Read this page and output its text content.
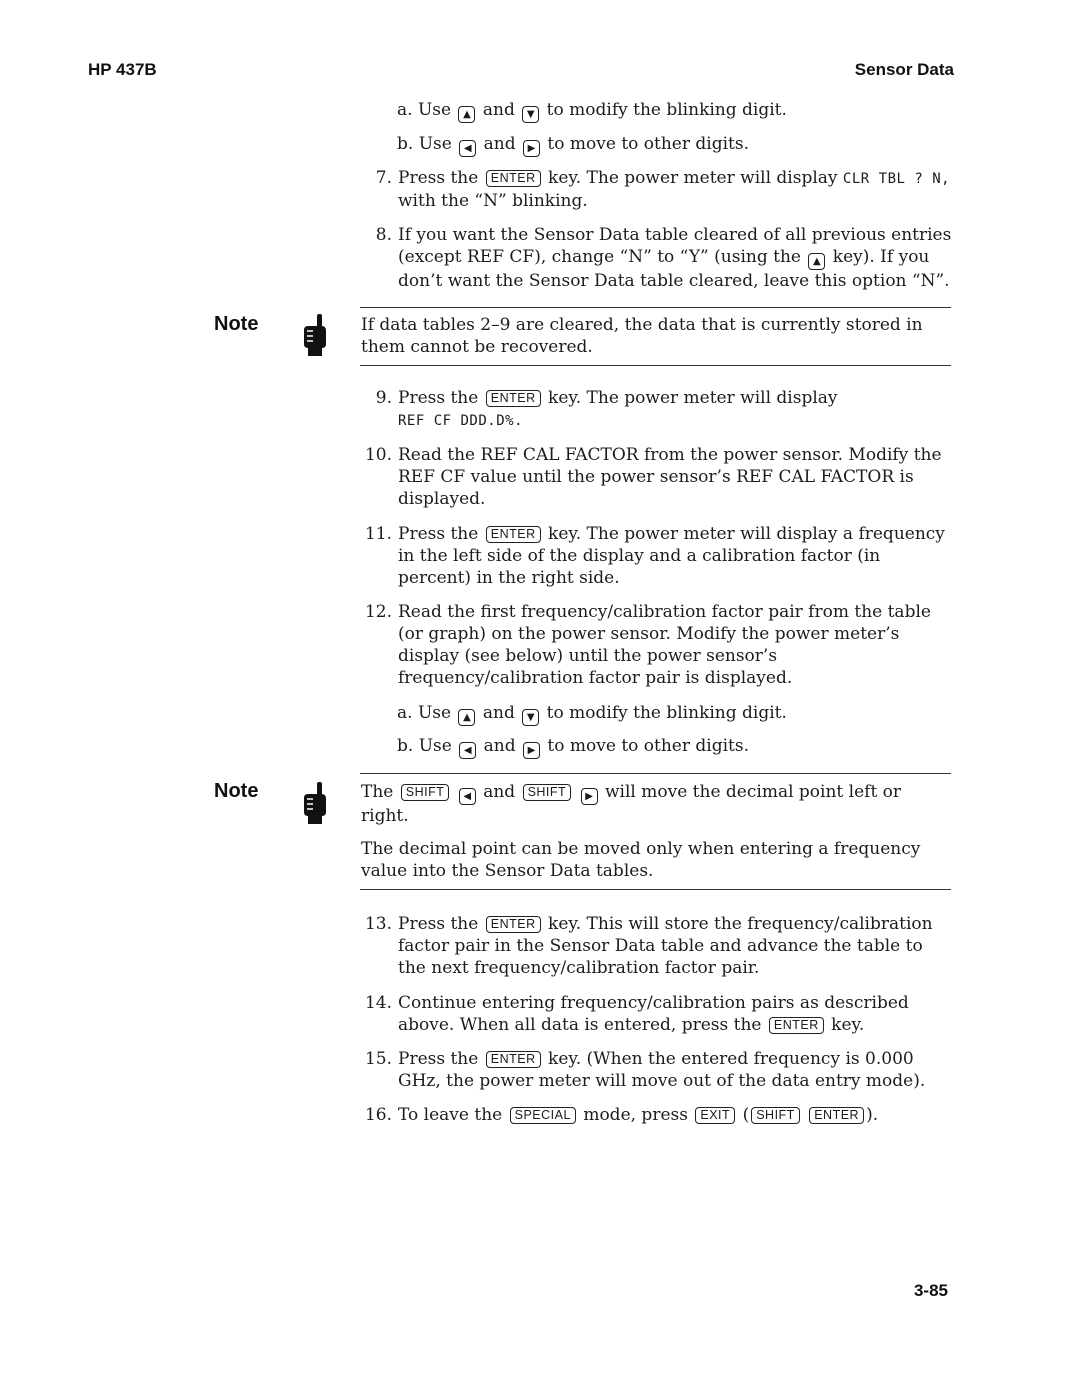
HP 437B	Sensor Data
a. Use ▲ and ▼ to modify the blinking digit.
b. Use ◀ and ▶ to move to other digits.
7. Press the ENTER key. The power meter will display CLR TBL ? N, with the “N” blinking.
8. If you want the Sensor Data table cleared of all previous entries (except REF CF), change “N” to “Y” (using the ▲ key). If you don’t want the Sensor Data table cleared, leave this option “N”.
Note	If data tables 2–9 are cleared, the data that is currently stored in them cannot be recovered.
9. Press the ENTER key. The power meter will display
REF CF DDD.D%.
10. Read the REF CAL FACTOR from the power sensor. Modify the REF CF value until the power sensor’s REF CAL FACTOR is displayed.
11. Press the ENTER key. The power meter will display a frequency in the left side of the display and a calibration factor (in percent) in the right side.
12. Read the first frequency/calibration factor pair from the table (or graph) on the power sensor. Modify the power meter’s display (see below) until the power sensor’s frequency/calibration factor pair is displayed.
a. Use ▲ and ▼ to modify the blinking digit.
b. Use ◀ and ▶ to move to other digits.
Note	The SHIFT ◀ and SHIFT ▶ will move the decimal point left or right.
The decimal point can be moved only when entering a frequency value into the Sensor Data tables.
13. Press the ENTER key. This will store the frequency/calibration factor pair in the Sensor Data table and advance the table to the next frequency/calibration factor pair.
14. Continue entering frequency/calibration pairs as described above. When all data is entered, press the ENTER key.
15. Press the ENTER key. (When the entered frequency is 0.000 GHz, the power meter will move out of the data entry mode).
16. To leave the SPECIAL mode, press EXIT ( SHIFT ENTER ).
3-85
